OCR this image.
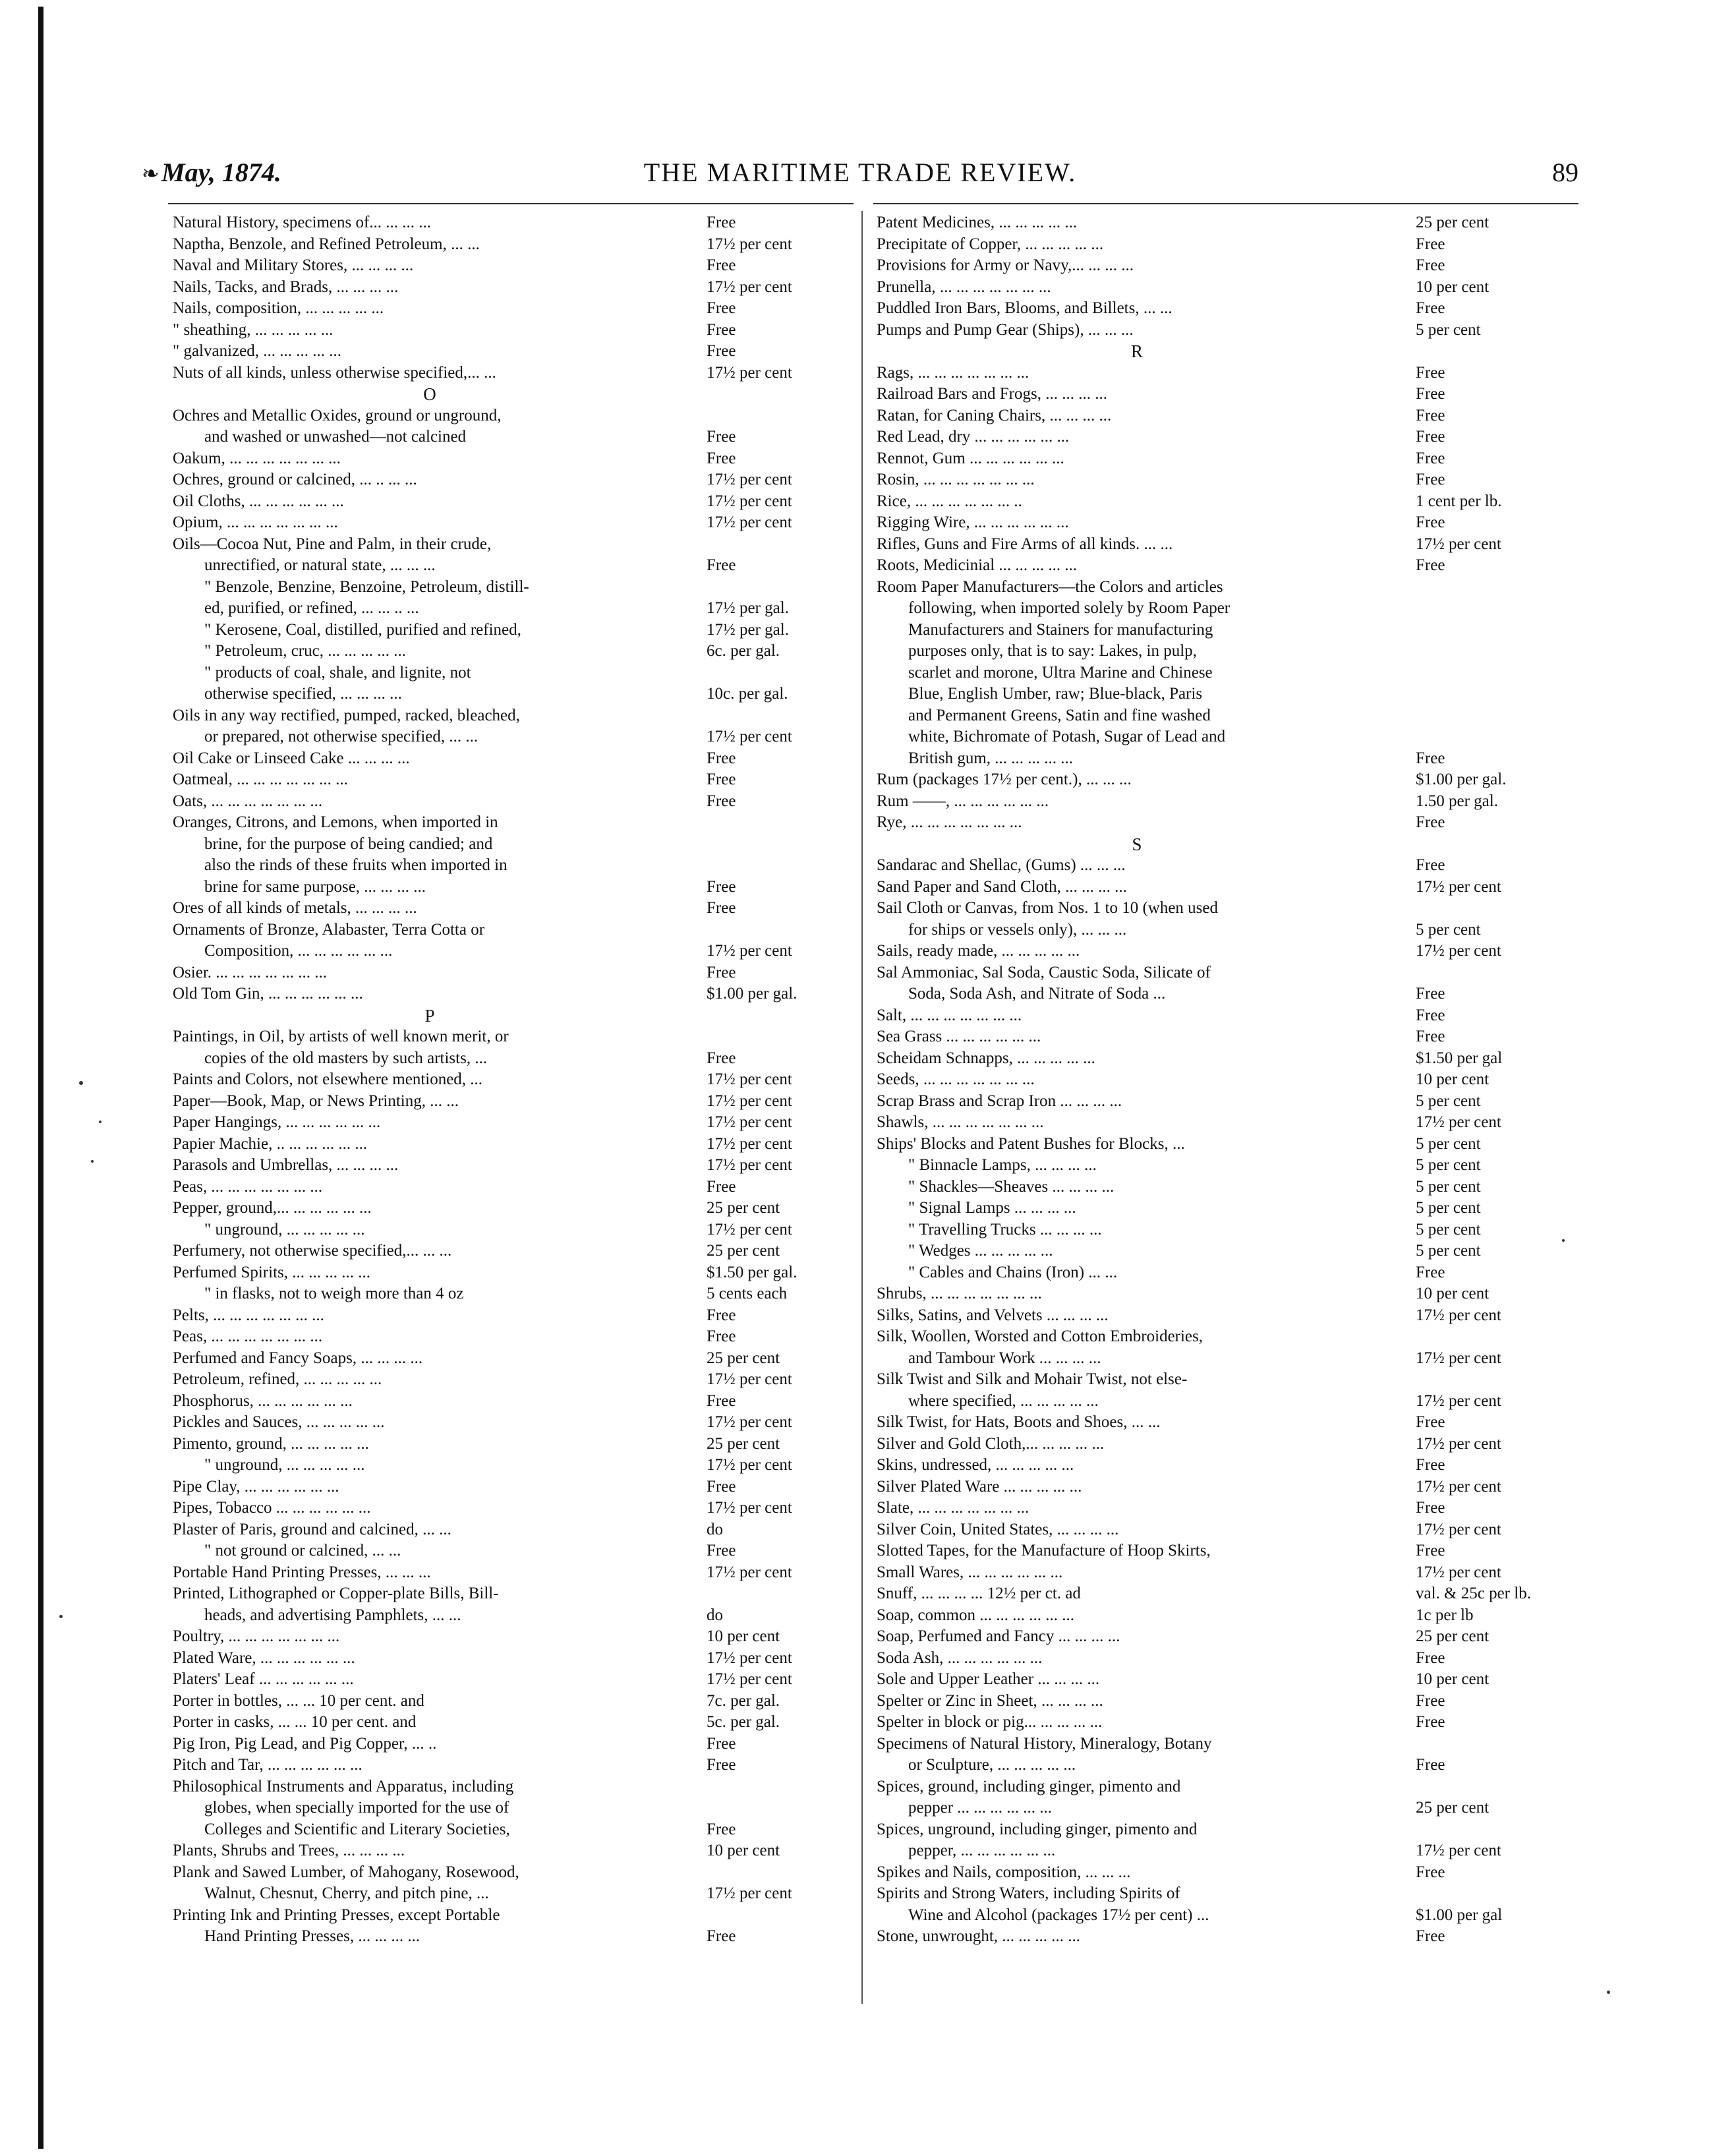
❧ May, 1874.	THE MARITIME TRADE REVIEW.	89
Natural History, specimens of... ... ... ...	Free
Naptha, Benzole, and Refined Petroleum, ... ...	17½ per cent
Naval and Military Stores, ... ... ... ...	Free
Nails, Tacks, and Brads, ... ... ... ...	17½ per cent
Nails, composition, ... ... ... ... ...	Free
" sheathing, ... ... ... ... ...	Free
" galvanized, ... ... ... ... ...	Free
Nuts of all kinds, unless otherwise specified,... ...	17½ per cent
O
Ochres and Metallic Oxides, ground or unground,
and washed or unwashed—not calcined	Free
Oakum, ... ... ... ... ... ... ...	Free
Ochres, ground or calcined, ... .. ... ...	17½ per cent
Oil Cloths, ... ... ... ... ... ...	17½ per cent
Opium, ... ... ... ... ... ... ...	17½ per cent
Oils—Cocoa Nut, Pine and Palm, in their crude,
unrectified, or natural state, ... ... ...	Free
" Benzole, Benzine, Benzoine, Petroleum, distill-
ed, purified, or refined, ... ... .. ...	17½ per gal.
" Kerosene, Coal, distilled, purified and refined,	17½ per gal.
" Petroleum, cruc, ... ... ... ... ...	6c. per gal.
" products of coal, shale, and lignite, not
otherwise specified, ... ... ... ...	10c. per gal.
Oils in any way rectified, pumped, racked, bleached,
or prepared, not otherwise specified, ... ...	17½ per cent
Oil Cake or Linseed Cake ... ... ... ...	Free
Oatmeal, ... ... ... ... ... ... ...	Free
Oats, ... ... ... ... ... ... ...	Free
Oranges, Citrons, and Lemons, when imported in
brine, for the purpose of being candied; and
also the rinds of these fruits when imported in
brine for same purpose, ... ... ... ...	Free
Ores of all kinds of metals, ... ... ... ...	Free
Ornaments of Bronze, Alabaster, Terra Cotta or
Composition, ... ... ... ... ... ...	17½ per cent
Osier. ... ... ... ... ... ... ...	Free
Old Tom Gin, ... ... ... ... ... ...	$1.00 per gal.
P
Paintings, in Oil, by artists of well known merit, or
copies of the old masters by such artists, ...	Free
Paints and Colors, not elsewhere mentioned, ...	17½ per cent
Paper—Book, Map, or News Printing, ... ...	17½ per cent
Paper Hangings, ... ... ... ... ... ...	17½ per cent
Papier Machie, .. ... ... ... ... ...	17½ per cent
Parasols and Umbrellas, ... ... ... ...	17½ per cent
Peas, ... ... ... ... ... ... ...	Free
Pepper, ground,... ... ... ... ... ...	25 per cent
" unground, ... ... ... ... ...	17½ per cent
Perfumery, not otherwise specified,... ... ...	25 per cent
Perfumed Spirits, ... ... ... ... ...	$1.50 per gal.
" in flasks, not to weigh more than 4 oz	5 cents each
Pelts, ... ... ... ... ... ... ...	Free
Peas, ... ... ... ... ... ... ...	Free
Perfumed and Fancy Soaps, ... ... ... ...	25 per cent
Petroleum, refined, ... ... ... ... ...	17½ per cent
Phosphorus, ... ... ... ... ... ...	Free
Pickles and Sauces, ... ... ... ... ...	17½ per cent
Pimento, ground, ... ... ... ... ...	25 per cent
" unground, ... ... ... ... ...	17½ per cent
Pipe Clay, ... ... ... ... ... ...	Free
Pipes, Tobacco ... ... ... ... ... ...	17½ per cent
Plaster of Paris, ground and calcined, ... ...	do
" not ground or calcined, ... ...	Free
Portable Hand Printing Presses, ... ... ...	17½ per cent
Printed, Lithographed or Copper-plate Bills, Bill-
heads, and advertising Pamphlets, ... ...	do
Poultry, ... ... ... ... ... ... ...	10 per cent
Plated Ware, ... ... ... ... ... ...	17½ per cent
Platers' Leaf ... ... ... ... ... ...	17½ per cent
Porter in bottles, ... ... 10 per cent. and	7c. per gal.
Porter in casks, ... ... 10 per cent. and	5c. per gal.
Pig Iron, Pig Lead, and Pig Copper, ... ..	Free
Pitch and Tar, ... ... ... ... ... ...	Free
Philosophical Instruments and Apparatus, including
globes, when specially imported for the use of
Colleges and Scientific and Literary Societies,	Free
Plants, Shrubs and Trees, ... ... ... ...	10 per cent
Plank and Sawed Lumber, of Mahogany, Rosewood,
Walnut, Chesnut, Cherry, and pitch pine, ...	17½ per cent
Printing Ink and Printing Presses, except Portable
Hand Printing Presses, ... ... ... ...	Free
Patent Medicines, ... ... ... ... ...	25 per cent
Precipitate of Copper, ... ... ... ... ...	Free
Provisions for Army or Navy,... ... ... ...	Free
Prunella, ... ... ... ... ... ... ...	10 per cent
Puddled Iron Bars, Blooms, and Billets, ... ...	Free
Pumps and Pump Gear (Ships), ... ... ...	5 per cent
R
Rags, ... ... ... ... ... ... ...	Free
Railroad Bars and Frogs, ... ... ... ...	Free
Ratan, for Caning Chairs, ... ... ... ...	Free
Red Lead, dry ... ... ... ... ... ...	Free
Rennot, Gum ... ... ... ... ... ...	Free
Rosin, ... ... ... ... ... ... ...	Free
Rice, ... ... ... ... ... ... ..	1 cent per lb.
Rigging Wire, ... ... ... ... ... ...	Free
Rifles, Guns and Fire Arms of all kinds. ... ...	17½ per cent
Roots, Medicinial ... ... ... ... ...	Free
Room Paper Manufacturers—the Colors and articles
following, when imported solely by Room Paper
Manufacturers and Stainers for manufacturing
purposes only, that is to say: Lakes, in pulp,
scarlet and morone, Ultra Marine and Chinese
Blue, English Umber, raw; Blue-black, Paris
and Permanent Greens, Satin and fine washed
white, Bichromate of Potash, Sugar of Lead and
British gum, ... ... ... ... ...	Free
Rum (packages 17½ per cent.), ... ... ...	$1.00 per gal.
Rum ——, ... ... ... ... ... ...	1.50 per gal.
Rye, ... ... ... ... ... ... ...	Free
S
Sandarac and Shellac, (Gums) ... ... ...	Free
Sand Paper and Sand Cloth, ... ... ... ...	17½ per cent
Sail Cloth or Canvas, from Nos. 1 to 10 (when used
for ships or vessels only), ... ... ...	5 per cent
Sails, ready made, ... ... ... ... ...	17½ per cent
Sal Ammoniac, Sal Soda, Caustic Soda, Silicate of
Soda, Soda Ash, and Nitrate of Soda ...	Free
Salt, ... ... ... ... ... ... ...	Free
Sea Grass ... ... ... ... ... ...	Free
Scheidam Schnapps, ... ... ... ... ...	$1.50 per gal
Seeds, ... ... ... ... ... ... ...	10 per cent
Scrap Brass and Scrap Iron ... ... ... ...	5 per cent
Shawls, ... ... ... ... ... ... ...	17½ per cent
Ships' Blocks and Patent Bushes for Blocks, ...	5 per cent
" Binnacle Lamps, ... ... ... ...	5 per cent
" Shackles—Sheaves ... ... ... ...	5 per cent
" Signal Lamps ... ... ... ...	5 per cent
" Travelling Trucks ... ... ... ...	5 per cent
" Wedges ... ... ... ... ...	5 per cent
" Cables and Chains (Iron) ... ...	Free
Shrubs, ... ... ... ... ... ... ...	10 per cent
Silks, Satins, and Velvets ... ... ... ...	17½ per cent
Silk, Woollen, Worsted and Cotton Embroideries,
and Tambour Work ... ... ... ...	17½ per cent
Silk Twist and Silk and Mohair Twist, not else-
where specified, ... ... ... ... ...	17½ per cent
Silk Twist, for Hats, Boots and Shoes, ... ...	Free
Silver and Gold Cloth,... ... ... ... ...	17½ per cent
Skins, undressed, ... ... ... ... ...	Free
Silver Plated Ware ... ... ... ... ...	17½ per cent
Slate, ... ... ... ... ... ... ...	Free
Silver Coin, United States, ... ... ... ...	17½ per cent
Slotted Tapes, for the Manufacture of Hoop Skirts,	Free
Small Wares, ... ... ... ... ... ...	17½ per cent
Snuff, ... ... ... ... 12½ per ct. ad	val. & 25c per lb.
Soap, common ... ... ... ... ... ...	1c per lb
Soap, Perfumed and Fancy ... ... ... ...	25 per cent
Soda Ash, ... ... ... ... ... ...	Free
Sole and Upper Leather ... ... ... ...	10 per cent
Spelter or Zinc in Sheet, ... ... ... ...	Free
Spelter in block or pig... ... ... ... ...	Free
Specimens of Natural History, Mineralogy, Botany
or Sculpture, ... ... ... ... ...	Free
Spices, ground, including ginger, pimento and
pepper ... ... ... ... ... ...	25 per cent
Spices, unground, including ginger, pimento and
pepper, ... ... ... ... ... ...	17½ per cent
Spikes and Nails, composition, ... ... ...	Free
Spirits and Strong Waters, including Spirits of
Wine and Alcohol (packages 17½ per cent) ...	$1.00 per gal
Stone, unwrought, ... ... ... ... ...	Free
